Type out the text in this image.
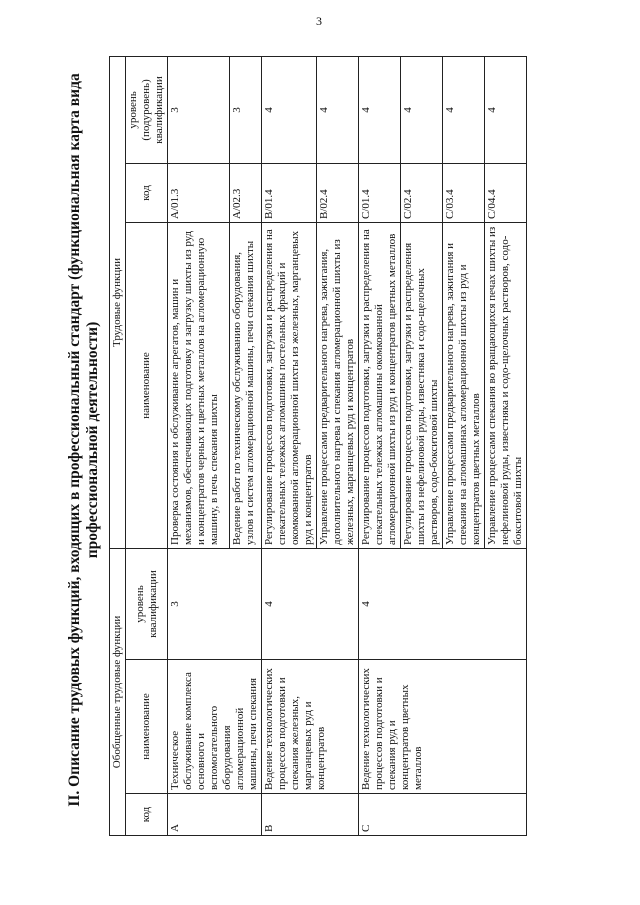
3
II. Описание трудовых функций, входящих в профессиональный стандарт (функциональная карта вида
профессиональной деятельности)
Обобщенные трудовые функции			Трудовые функции		
код	наименование	уровень квалификации	наименование	код	уровень (подуровень) квалификации
A	Техническое обслуживание комплекса основного и вспомогательного оборудования агломерационной машины, печи спекания	3	Проверка состояния и обслуживание агрегатов, машин и механизмов, обеспечивающих подготовку и загрузку шихты из руд и концентратов черных и цветных металлов на агломерационную машину, в печь спекания шихты	A/01.3	3
			Ведение работ по техническому обслуживанию оборудования, узлов и систем агломерационной машины, печи спекания шихты	A/02.3	3
B	Ведение технологических процессов подготовки и спекания железных, марганцевых руд и концентратов	4	Регулирование процессов подготовки, загрузки и распределения на спекательных тележках агломашины постельных фракций и окомкованной агломерационной шихты из железных, марганцевых руд и концентратов	B/01.4	4
			Управление процессами предварительного нагрева, зажигания, дополнительного нагрева и спекания агломерационной шихты из железных, марганцевых руд и концентратов	B/02.4	4
C	Ведение технологических процессов подготовки и спекания руд и концентратов цветных металлов	4	Регулирование процессов подготовки, загрузки и распределения на спекательных тележках агломашины окомкованной агломерационной шихты из руд и концентратов цветных металлов	C/01.4	4
			Регулирование процессов подготовки, загрузки и распределения шихты из нефелиновой руды, известняка и содо-щелочных растворов, содо-бокситовой шихты	C/02.4	4
			Управление процессами предварительного нагрева, зажигания и спекания на агломашинах агломерационной шихты из руд и концентратов цветных металлов	C/03.4	4
			Управление процессами спекания во вращающихся печах шихты из нефелиновой руды, известняка и содо-щелочных растворов, содо-бокситовой шихты	C/04.4	4
